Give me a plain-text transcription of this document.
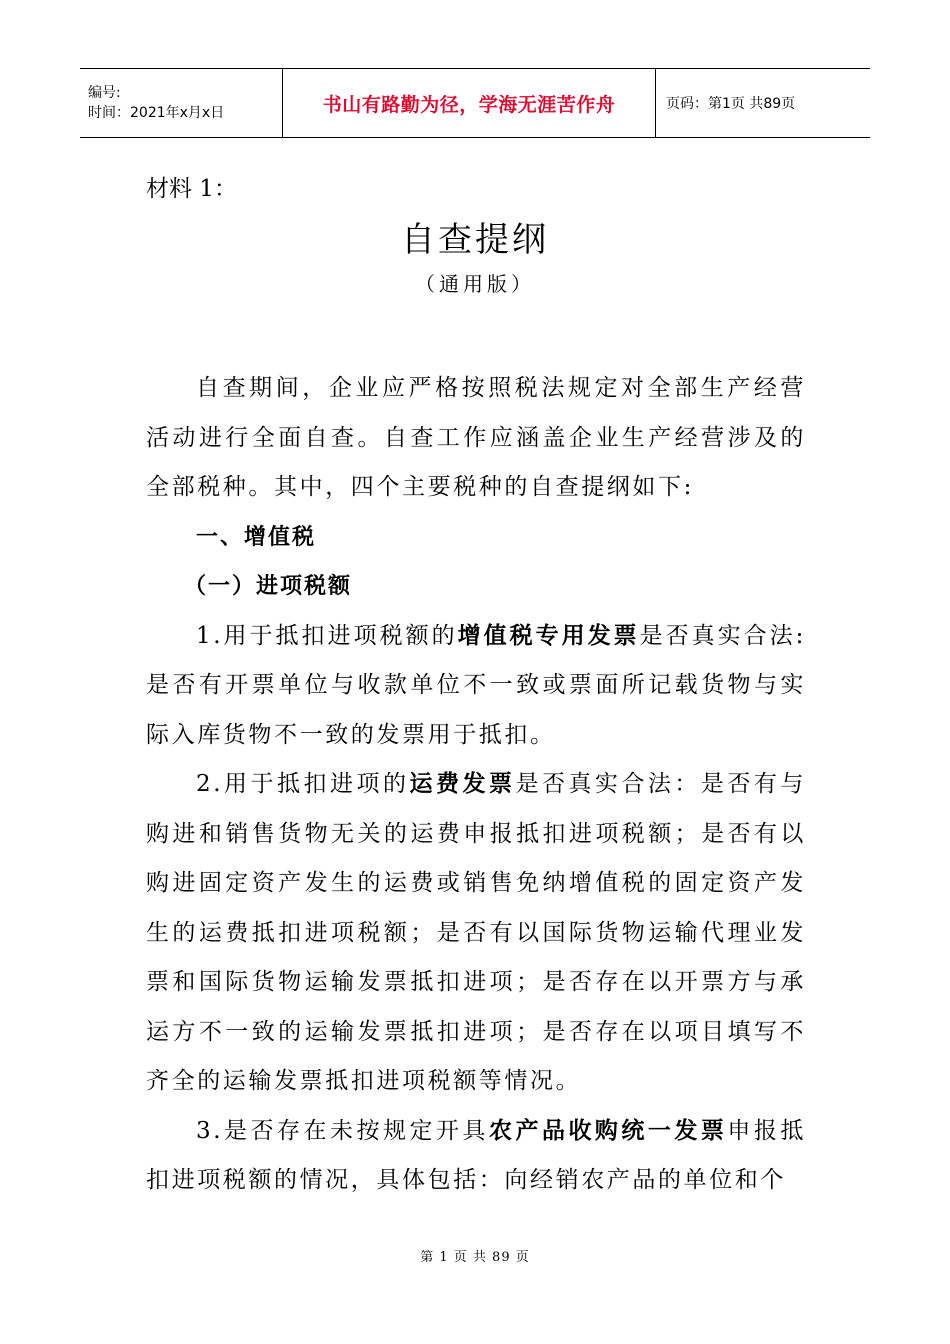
编号:
时间：2021年x月x日	书山有路勤为径，学海无涯苦作舟	页码：第1页 共89页
材料 1：
自查提纲
（通用版）

自查期间，企业应严格按照税法规定对全部生产经营活动进行全面自查。自查工作应涵盖企业生产经营涉及的全部税种。其中，四个主要税种的自查提纲如下:

一、增值税

（一）进项税额

1.用于抵扣进项税额的增值税专用发票是否真实合法:是否有开票单位与收款单位不一致或票面所记载货物与实际入库货物不一致的发票用于抵扣。

2.用于抵扣进项的运费发票是否真实合法：是否有与购进和销售货物无关的运费申报抵扣进项税额；是否有以购进固定资产发生的运费或销售免纳增值税的固定资产发生的运费抵扣进项税额；是否有以国际货物运输代理业发票和国际货物运输发票抵扣进项；是否存在以开票方与承运方不一致的运输发票抵扣进项；是否存在以项目填写不齐全的运输发票抵扣进项税额等情况。

3.是否存在未按规定开具农产品收购统一发票申报抵扣进项税额的情况，具体包括：向经销农产品的单位和个

第 1 页 共 89 页
